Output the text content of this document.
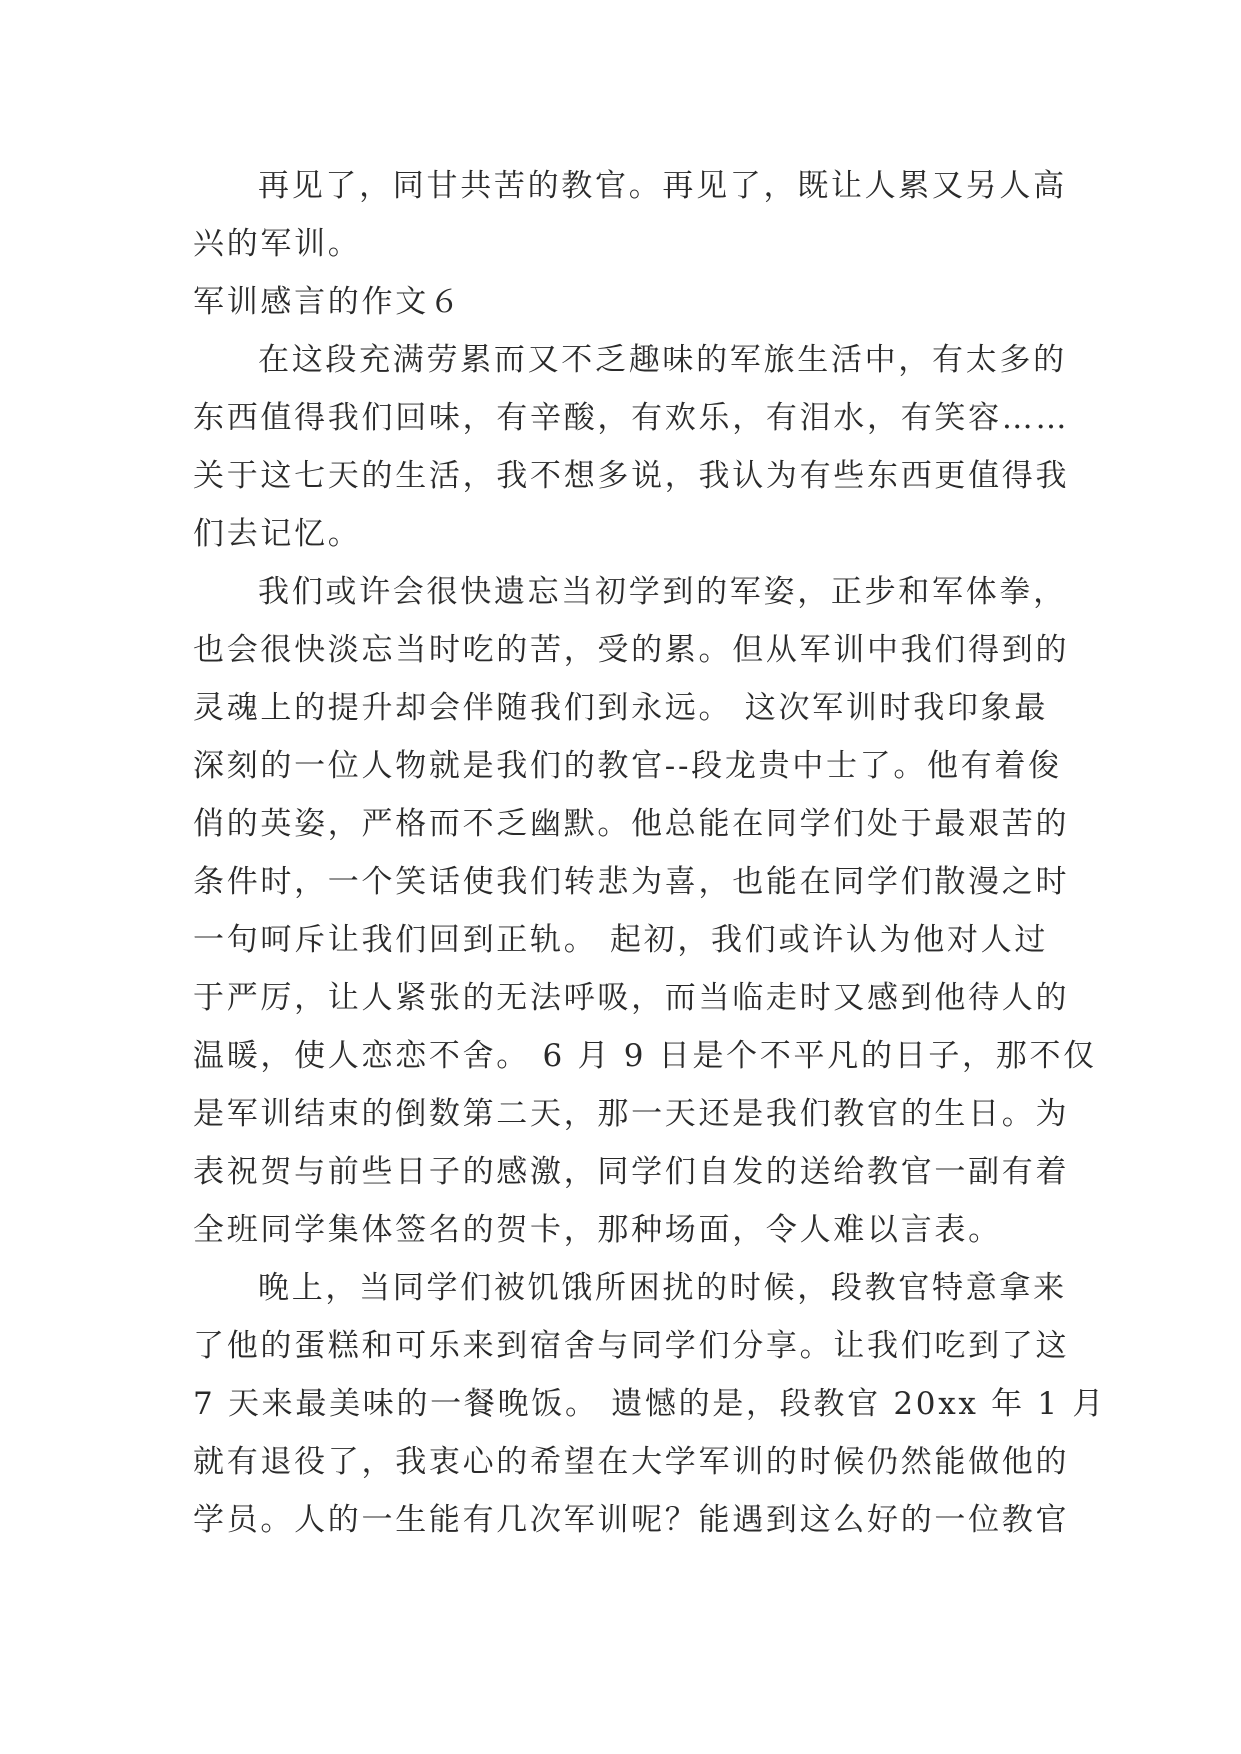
再见了，同甘共苦的教官。再见了，既让人累又另人高
兴的军训。
军训感言的作文６
在这段充满劳累而又不乏趣味的军旅生活中，有太多的
东西值得我们回味，有辛酸，有欢乐，有泪水，有笑容……
关于这七天的生活，我不想多说，我认为有些东西更值得我
们去记忆。
我们或许会很快遗忘当初学到的军姿，正步和军体拳，
也会很快淡忘当时吃的苦，受的累。但从军训中我们得到的
灵魂上的提升却会伴随我们到永远。 这次军训时我印象最
深刻的一位人物就是我们的教官--段龙贵中士了。他有着俊
俏的英姿，严格而不乏幽默。他总能在同学们处于最艰苦的
条件时，一个笑话使我们转悲为喜，也能在同学们散漫之时
一句呵斥让我们回到正轨。 起初，我们或许认为他对人过
于严厉，让人紧张的无法呼吸，而当临走时又感到他待人的
温暖，使人恋恋不舍。 6 月 9 日是个不平凡的日子，那不仅
是军训结束的倒数第二天，那一天还是我们教官的生日。为
表祝贺与前些日子的感激，同学们自发的送给教官一副有着
全班同学集体签名的贺卡，那种场面，令人难以言表。
晚上，当同学们被饥饿所困扰的时候，段教官特意拿来
了他的蛋糕和可乐来到宿舍与同学们分享。让我们吃到了这
7 天来最美味的一餐晚饭。 遗憾的是，段教官 20xx 年 1 月
就有退役了，我衷心的希望在大学军训的时候仍然能做他的
学员。人的一生能有几次军训呢？能遇到这么好的一位教官
